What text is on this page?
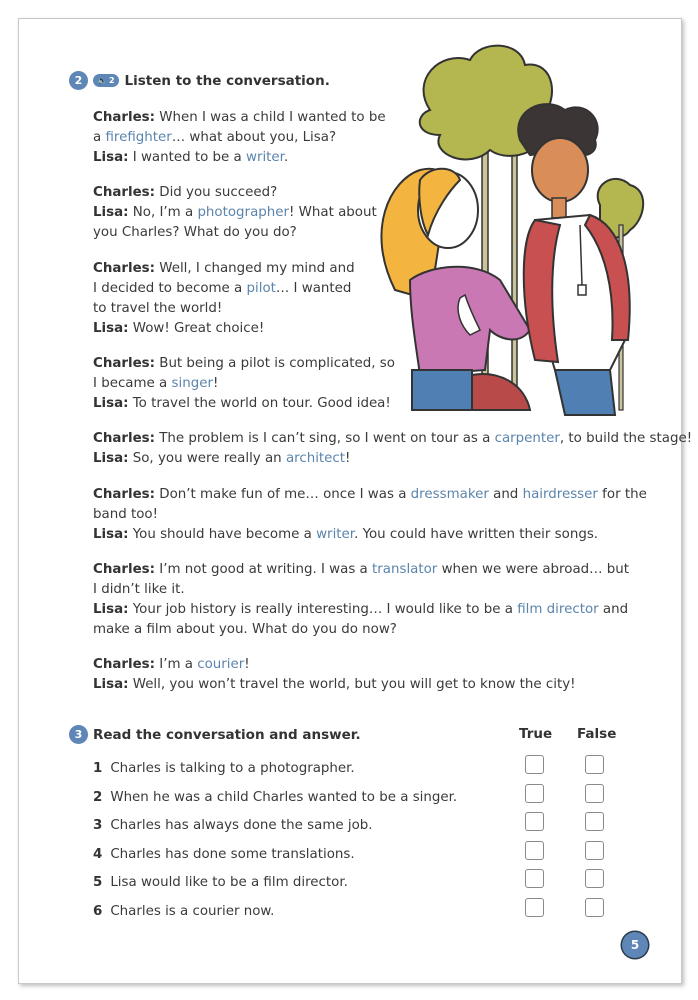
2	🔈 2 Listen to the conversation.
Charles: When I was a child I wanted to be
a firefighter… what about you, Lisa?
Lisa: I wanted to be a writer.
Charles: Did you succeed?
Lisa: No, I’m a photographer! What about
you Charles? What do you do?
Charles: Well, I changed my mind and
I decided to become a pilot… I wanted
to travel the world!
Lisa: Wow! Great choice!
Charles: But being a pilot is complicated, so
I became a singer!
Lisa: To travel the world on tour. Good idea!
Charles: The problem is I can’t sing, so I went on tour as a carpenter, to build the stage!
Lisa: So, you were really an architect!
Charles: Don’t make fun of me… once I was a dressmaker and hairdresser for the
band too!
Lisa: You should have become a writer. You could have written their songs.
Charles: I’m not good at writing. I was a translator when we were abroad… but
I didn’t like it.
Lisa: Your job history is really interesting… I would like to be a film director and
make a film about you. What do you do now?
Charles: I’m a courier!
Lisa: Well, you won’t travel the world, but you will get to know the city!
3 Read the conversation and answer.	True False
1 Charles is talking to a photographer.
2 When he was a child Charles wanted to be a singer.
3 Charles has always done the same job.
4 Charles has done some translations.
5 Lisa would like to be a film director.
6 Charles is a courier now.
5
